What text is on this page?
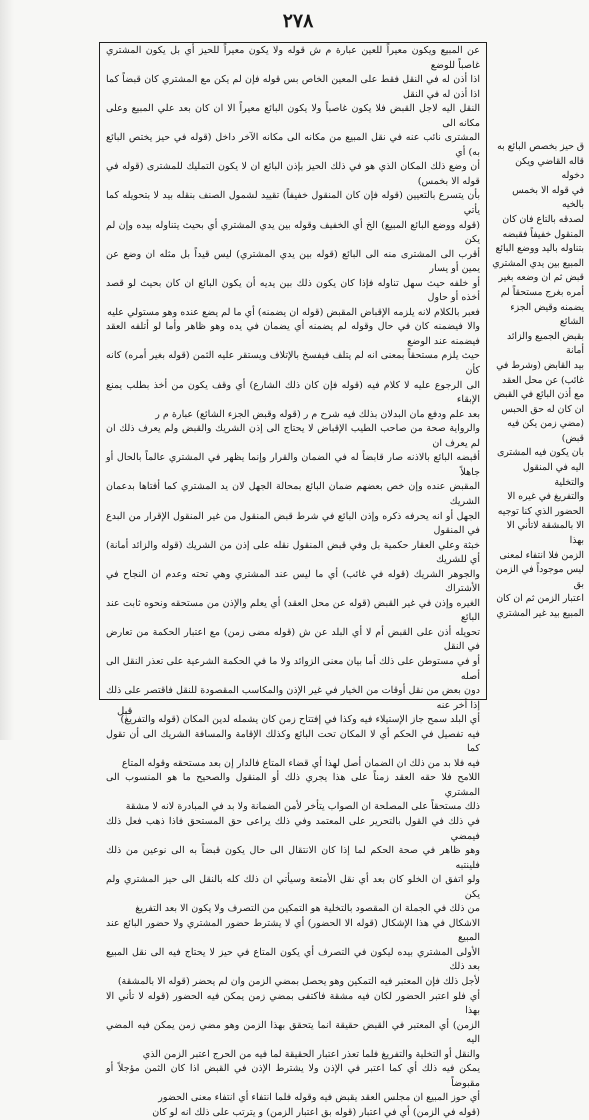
٢٧٨

عن المبيع ويكون معيراً للعين عبارة م ش قوله ولا يكون معيراً للحيز أي بل يكون المشتري غاصباً للوضع
اذا أذن له في النقل فقط على المعين الخاص بس قوله فإن لم يكن مع المشتري كان قبضاً كما اذا أذن له في النقل
النقل اليه لاجل القبض فلا يكون غاصباً ولا يكون البائع معيراً الا ان كان بعد علي المبيع وعلى مكانه الى
المشترى نائب عنه في نقل المبيع من مكانه الى مكانه الآخر داخل (قوله في حيز يختص البائع به) أي
أن وضع ذلك المكان الذي هو في ذلك الحيز بإذن البائع ان لا يكون التمليك للمشترى (قوله في قوله الا بخمس)
بأن يتسرع بالتعيين (قوله فإن كان المنقول خفيفاً) تقييد لشمول الصنف بنقله بيد لا بتحويله كما يأتي
(قوله ووضع البائع المبيع) الخ أي الخفيف وقوله بين يدي المشتري أي بحيث يتناوله بيده وإن لم يكن
أقرب الى المشترى منه الى البائع (قوله بين يدي المشتري) ليس قيداً بل مثله ان وضع عن يمين أو يسار
أو خلفه حيث سهل تناوله فإذا كان يكون ذلك بين يديه أن يكون البائع ان كان بحيث لو قصد أخذه أو حاول
فعبر بالكلام لانه يلزمه الإقباض المقبض (قوله ان يضمنه) أي ما لم يضع عنده وهو مستولي عليه
والا فيضمنه كان في حال وقوله لم يضمنه أي يضمان في يده وهو ظاهر وأما لو أتلفه العقد فيضمنه عند الوضع
حيث يلزم مستحقاً بمعنى انه لم يتلف فيفسخ بالإتلاف ويستقر عليه الثمن (قوله بغير أمره) كانه كأن
الى الرجوع عليه لا كلام فيه (قوله فإن كان ذلك الشارع) أي وقف يكون من أخذ بطلب يمنع الإبقاء
بعد علم ودفع مان البدلان بذلك فيه شرح م ر (قوله وقبض الجزء الشائع) عبارة م ر
والرواية صحة من صاحب الطيب الإقباض لا يحتاج الى إذن الشريك والقبض ولم يعرف ذلك ان لم يعرف ان
أقبضه البائع بالاذنه صار قابضاً له في الضمان والقرار وإنما يظهر في المشتري عالماً بالحال أو جاهلاً
المقبض عنده وإن خص بعضهم ضمان البائع بمحالة الجهل لان يد المشتري كما أفتاها بدعمان الشريك
الجهل أو انه يحرفه ذكره وإذن البائع في شرط قبض المنقول من غير المنقول الإقرار من البدع في المنقول
خبثة وعلي العقار حكمية بل وفي قبض المنقول نقله على إذن من الشريك (قوله والزائد أمانة) أي للشريك
والجوهر الشريك (قوله في غائب) أي ما ليس عند المشتري وهي تحته وعدم ان النجاح في الأشتراك
الغيره وإذن في غير القبض (قوله عن محل العقد) أي يعلم والإذن من مستحقه ونحوه ثابت عند البائع
تحويله أذن على القبض أم لا أي البلد عن ش (قوله مضى زمن) مع اعتبار الحكمة من تعارض في النقل
أو في مستوطن على ذلك أما بيان معنى الزوائد ولا ما في الحكمة الشرعية على تعذر النقل الى أصله
دون بعض من نقل أوقات من الخيار في غير الإذن والمكاسب المقصودة للنقل فاقتصر على ذلك إذا أخر عنه
أي البلد سمح جاز الإستيلاء فيه وكذا في إفتتاح زمن كان يشمله لدين المكان (قوله والتفريغ)
فيه تفصيل في الحكم أي لا المكان تحت البائع وكذلك الإقامة والمسافة الشريك الى أن تقول كما
فيه فلا بد من ذلك ان الضمان أصل لهذا أي قضاء المتاع فالدار إن بعد مستحقه وقوله المتاع
اللامح فلا حقه العقد زمناً على هذا يجري ذلك أو المنقول والصحيح ما هو المنسوب الى المشتري
ذلك مستحقاً على المصلحة ان الصواب يتأخر لأمن الضمانة ولا بد في المبادرة لانه لا مشقة
في ذلك في القول بالتحرير على المعتمد وفي ذلك يراعى حق المستحق فاذا ذهب فعل ذلك فيمضي
وهو ظاهر في صحة الحكم لما إذا كان الانتقال الى حال يكون قبضاً به الى نوعين من ذلك فلينتبه
ولو اتفق ان الخلو كان بعد أي نقل الأمتعة وسيأتي ان ذلك كله بالنقل الى حيز المشتري ولم يكن
من ذلك في الجملة ان المقصود بالتخلية هو التمكين من التصرف ولا يكون الا بعد التفريغ
الاشكال في هذا الإشكال (قوله الا الحضور) أي لا يشترط حضور المشتري ولا حضور البائع عند المبيع
الأولى المشتري بيده ليكون في التصرف أي يكون المتاع في حيز لا يحتاج فيه الى نقل المبيع بعد ذلك
لأجل ذلك فإن المعتبر فيه التمكين وهو يحصل بمضي الزمن وان لم يحضر (قوله الا بالمشقة)
أي فلو اعتبر الحضور لكان فيه مشقة فاكتفى بمضي زمن يمكن فيه الحضور (قوله لا تأني الا بهذا
الزمن) أي المعتبر في القبض حقيقة انما يتحقق بهذا الزمن وهو مضي زمن يمكن فيه المضي اليه
والنقل أو التخلية والتفريغ فلما تعذر اعتبار الحقيقة لما فيه من الحرج اعتبر الزمن الذي
يمكن فيه ذلك أي كما اعتبر في الإذن ولا يشترط الإذن في القبض اذا كان الثمن مؤجلاً أو مقبوضاً
أي حوز المبيع ان مجلس العقد يقبض فيه وقوله فلما انتفاء أي انتفاء معنى الحضور
(قوله في الزمن) أي في اعتبار (قوله بق اعتبار الزمن) و يترتب على ذلك انه لو كان

ق حيز بخصص البائع به
قاله القاضي ويكن دخوله
في قوله الا بخمس بالخيه
لصدقه بالتاع فان كان
المنقول خفيفاً فقبضه
بتناوله باليد ووضع البائع
المبيع بين يدي المشتري
قبض ثم ان وضعه بغير
أمره بغرج مستحقاً لم
يضمنه وقيض الجزء الشائع
بقبض الجميع والزائد أمانة
بيد القابض (وشرط في
غائب) عن محل العقد
مع أذن البائع في القبض
ان كان له حق الحبس
(مضي زمن يكن فيه قبض)
بان يكون فيه المشترى
اليه في المنقول والتخلية
والتفريغ في غيره الا
الحضور الذي كنا توجيه
الا بالمشقة لاتأني الا بهذا
الزمن فلا انتفاء لمعنى
ليس موجوداً في الزمن بق
اعتبار الزمن ثم ان كان
المبيع بيد غير المشتري

قبل
